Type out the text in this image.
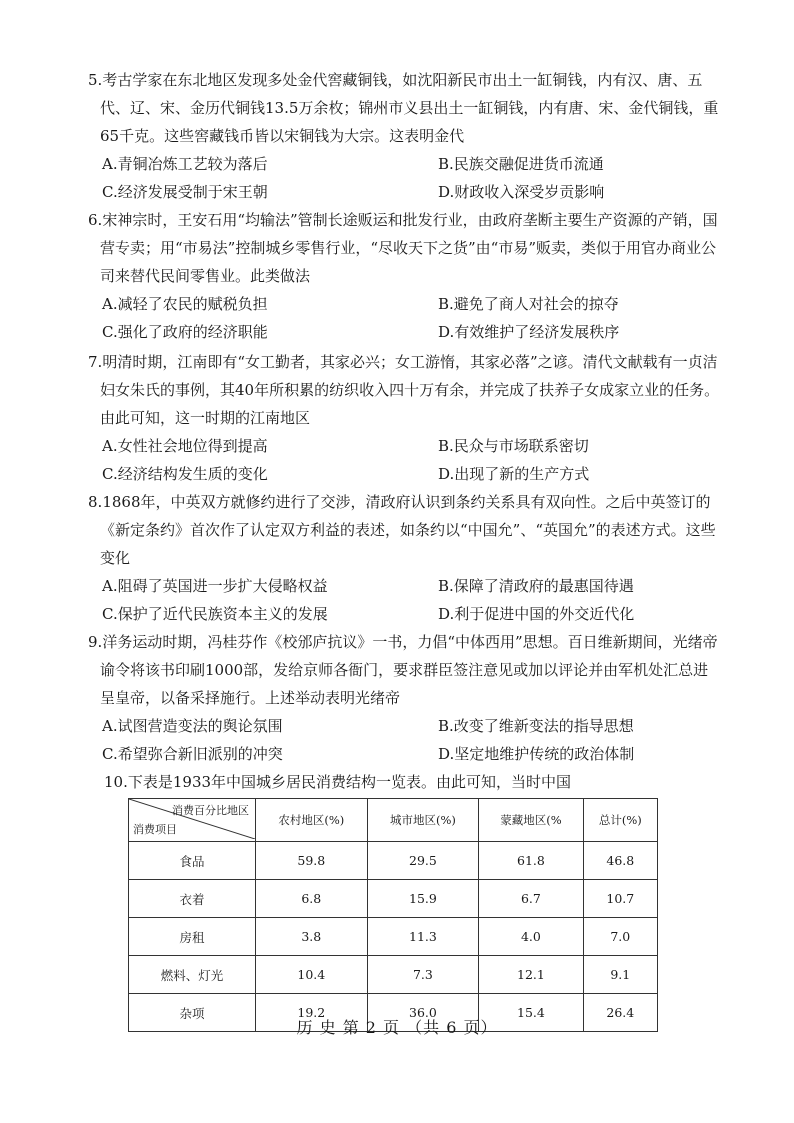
5.考古学家在东北地区发现多处金代窖藏铜钱，如沈阳新民市出土一缸铜钱，内有汉、唐、五代、辽、宋、金历代铜钱13.5万余枚；锦州市义县出土一缸铜钱，内有唐、宋、金代铜钱，重65千克。这些窖藏钱币皆以宋铜钱为大宗。这表明金代

A.青铜冶炼工艺较为落后	B.民族交融促进货币流通
C.经济发展受制于宋王朝	D.财政收入深受岁贡影响

6.宋神宗时，王安石用“均输法”管制长途贩运和批发行业，由政府垄断主要生产资源的产销，国营专卖；用“市易法”控制城乡零售行业，“尽收天下之货”由“市易”贩卖，类似于用官办商业公司来替代民间零售业。此类做法

A.减轻了农民的赋税负担	B.避免了商人对社会的掠夺
C.强化了政府的经济职能	D.有效维护了经济发展秩序

7.明清时期，江南即有“女工勤者，其家必兴；女工游惰，其家必落”之谚。清代文献载有一贞洁妇女朱氏的事例，其40年所积累的纺织收入四十万有余，并完成了扶养子女成家立业的任务。由此可知，这一时期的江南地区

A.女性社会地位得到提高	B.民众与市场联系密切
C.经济结构发生质的变化	D.出现了新的生产方式

8.1868年，中英双方就修约进行了交涉，清政府认识到条约关系具有双向性。之后中英签订的《新定条约》首次作了认定双方利益的表述，如条约以“中国允”、“英国允”的表述方式。这些变化

A.阻碍了英国进一步扩大侵略权益	B.保障了清政府的最惠国待遇
C.保护了近代民族资本主义的发展	D.利于促进中国的外交近代化

9.洋务运动时期，冯桂芬作《校邠庐抗议》一书，力倡“中体西用”思想。百日维新期间，光绪帝谕令将该书印刷1000部，发给京师各衙门，要求群臣签注意见或加以评论并由军机处汇总进呈皇帝，以备采择施行。上述举动表明光绪帝

A.试图营造变法的舆论氛围	B.改变了维新变法的指导思想
C.希望弥合新旧派别的冲突	D.坚定地维护传统的政治体制

10.下表是1933年中国城乡居民消费结构一览表。由此可知，当时中国

消费百分比地区
消费项目	农村地区(%)	城市地区(%)	蒙藏地区(%	总计(%)
食品	59.8	29.5	61.8	46.8
衣着	6.8	15.9	6.7	10.7
房租	3.8	11.3	4.0	7.0
燃料、灯光	10.4	7.3	12.1	9.1
杂项	19.2	36.0	15.4	26.4
历 史 第 2 页 （共 6 页）
